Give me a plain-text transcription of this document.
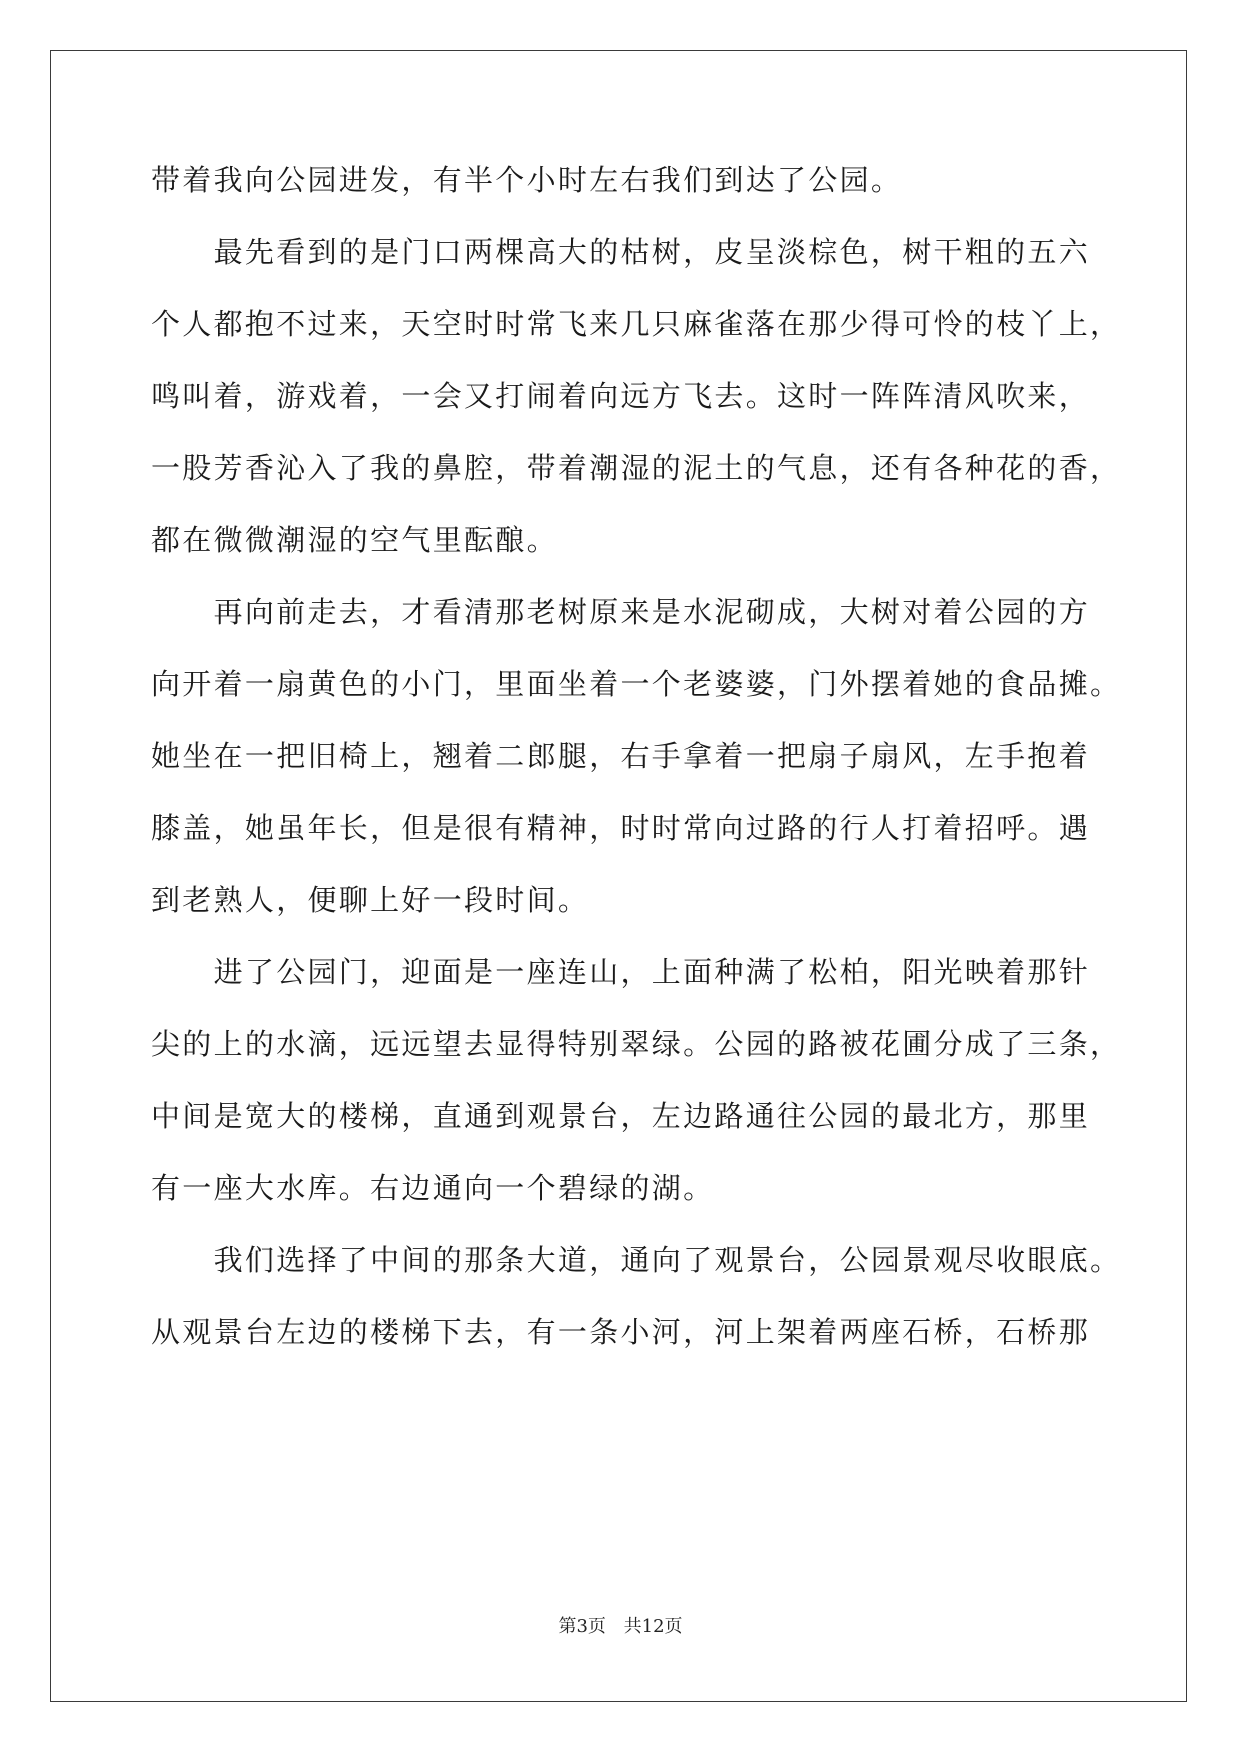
带着我向公园进发，有半个小时左右我们到达了公园。
　　最先看到的是门口两棵高大的枯树，皮呈淡棕色，树干粗的五六
个人都抱不过来，天空时时常飞来几只麻雀落在那少得可怜的枝丫上，
鸣叫着，游戏着，一会又打闹着向远方飞去。这时一阵阵清风吹来，
一股芳香沁入了我的鼻腔，带着潮湿的泥土的气息，还有各种花的香，
都在微微潮湿的空气里酝酿。
　　再向前走去，才看清那老树原来是水泥砌成，大树对着公园的方
向开着一扇黄色的小门，里面坐着一个老婆婆，门外摆着她的食品摊。
她坐在一把旧椅上，翘着二郎腿，右手拿着一把扇子扇风，左手抱着
膝盖，她虽年长，但是很有精神，时时常向过路的行人打着招呼。遇
到老熟人，便聊上好一段时间。
　　进了公园门，迎面是一座连山，上面种满了松柏，阳光映着那针
尖的上的水滴，远远望去显得特别翠绿。公园的路被花圃分成了三条，
中间是宽大的楼梯，直通到观景台，左边路通往公园的最北方，那里
有一座大水库。右边通向一个碧绿的湖。
　　我们选择了中间的那条大道，通向了观景台，公园景观尽收眼底。
从观景台左边的楼梯下去，有一条小河，河上架着两座石桥，石桥那
第3页 共12页
